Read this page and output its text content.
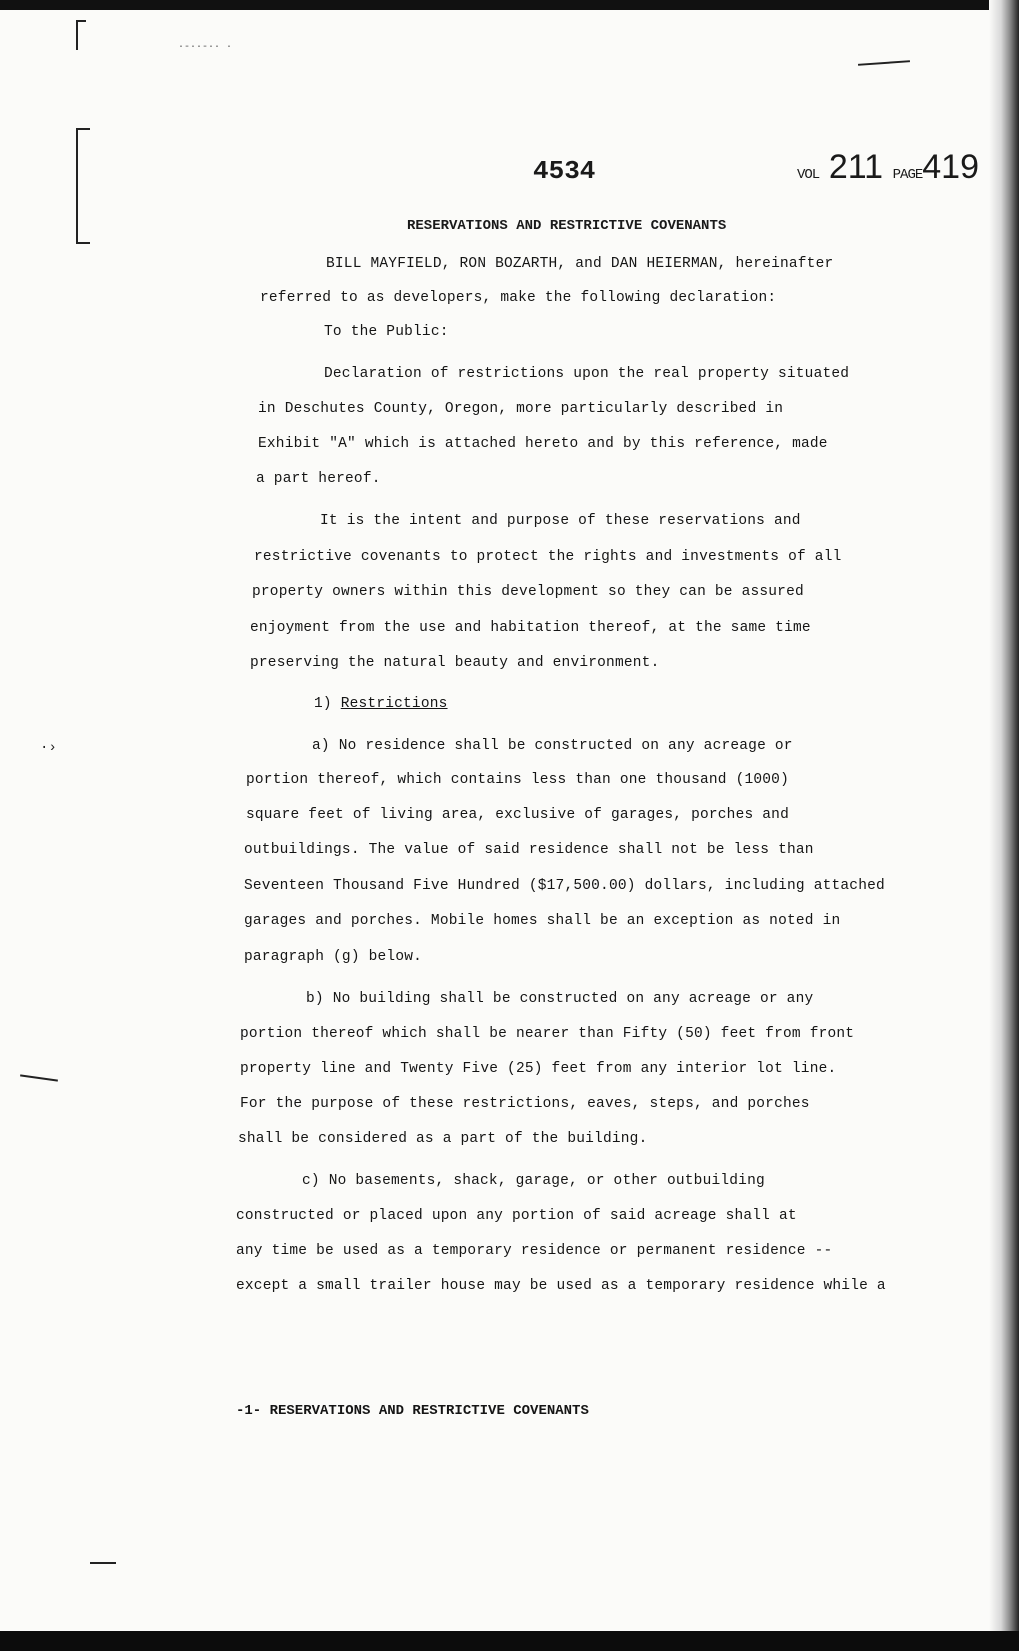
·-··-·· ·
·›
4534	VOL 211 PAGE419
RESERVATIONS AND RESTRICTIVE COVENANTS
BILL MAYFIELD, RON BOZARTH, and DAN HEIERMAN, hereinafter
referred to as developers, make the following declaration:
To the Public:
Declaration of restrictions upon the real property situated
in Deschutes County, Oregon, more particularly described in
Exhibit "A" which is attached hereto and by this reference, made
a part hereof.
It is the intent and purpose of these reservations and
restrictive covenants to protect the rights and investments of all
property owners within this development so they can be assured
enjoyment from the use and habitation thereof, at the same time
preserving the natural beauty and environment.
1) Restrictions
a) No residence shall be constructed on any acreage or
portion thereof, which contains less than one thousand (1000)
square feet of living area, exclusive of garages, porches and
outbuildings. The value of said residence shall not be less than
Seventeen Thousand Five Hundred ($17,500.00) dollars, including attached
garages and porches. Mobile homes shall be an exception as noted in
paragraph (g) below.
b) No building shall be constructed on any acreage or any
portion thereof which shall be nearer than Fifty (50) feet from front
property line and Twenty Five (25) feet from any interior lot line.
For the purpose of these restrictions, eaves, steps, and porches
shall be considered as a part of the building.
c) No basements, shack, garage, or other outbuilding
constructed or placed upon any portion of said acreage shall at
any time be used as a temporary residence or permanent residence --
except a small trailer house may be used as a temporary residence while a
-1- RESERVATIONS AND RESTRICTIVE COVENANTS
